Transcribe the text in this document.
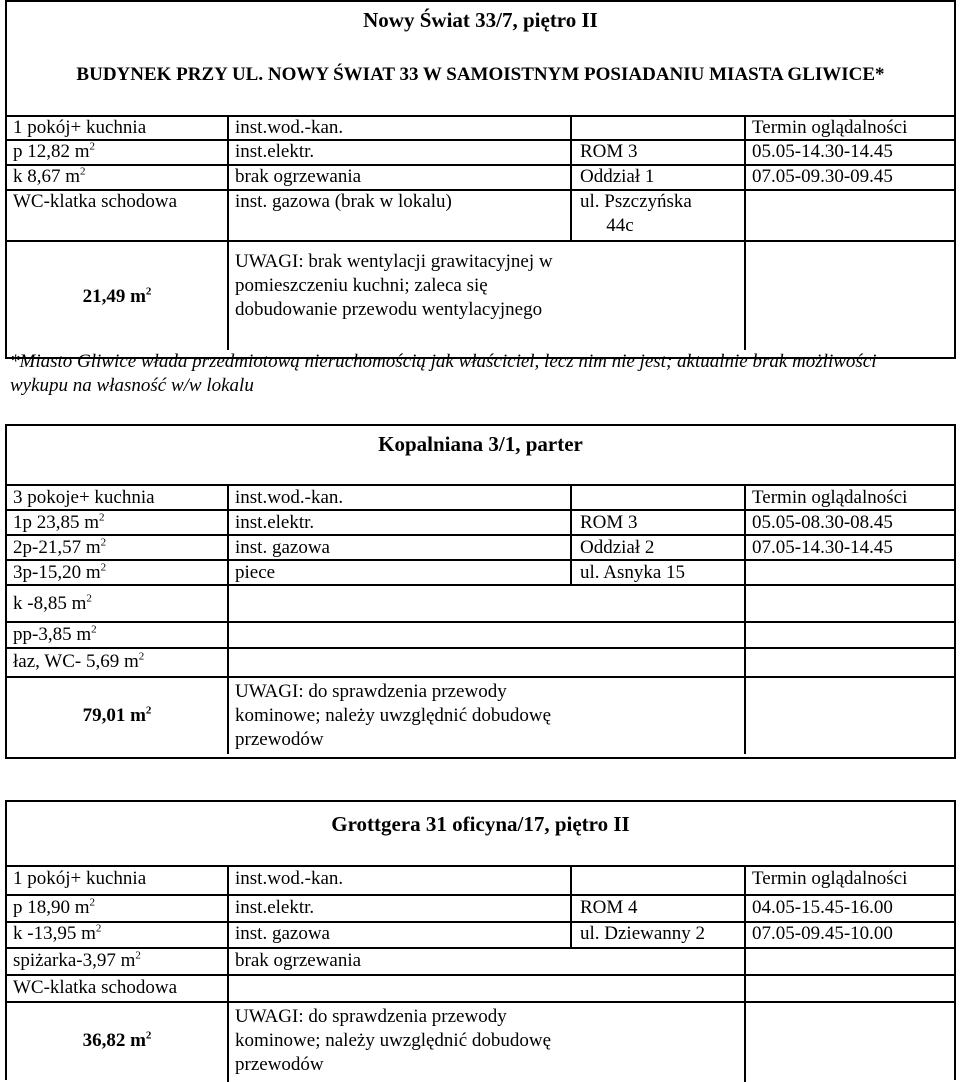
Nowy Świat 33/7, piętro II
BUDYNEK PRZY UL. NOWY ŚWIAT 33 W SAMOISTNYM POSIADANIU MIASTA GLIWICE*
1 pokój+ kuchnia
p 12,82 $m^2$
k 8,67 $m^2$
WC-klatka schodowa
inst.wod.-kan.
inst.elektr.
brak ogrzewania
inst. gazowa (brak w lokalu)
ROM 3
Oddział 1
ul. Pszczyńska
44c
Termin oglądalności
05.05-14.30-14.45
07.05-09.30-09.45
21,49 $m^2$
UWAGI: brak wentylacji grawitacyjnej w pomieszczeniu kuchni; zaleca się dobudowanie przewodu wentylacyjnego
*Miasto Gliwice włada przedmiotową nieruchomością jak właściciel, lecz nim nie jest; aktualnie brak możliwości wykupu na własność w/w lokalu
Kopalniana 3/1, parter
3 pokoje+ kuchnia
1p 23,85 $m^2$
2p-21,57 $m^2$
3p-15,20 $m^2$
k -8,85 $m^2$
pp-3,85 $m^2$
łaz, WC- 5,69 $m^2$
inst.wod.-kan.
inst.elektr.
inst. gazowa
piece
ROM 3
Oddział 2
ul. Asnyka 15
Termin oglądalności
05.05-08.30-08.45
07.05-14.30-14.45
79,01 $m^2$
UWAGI: do sprawdzenia przewody kominowe; należy uwzględnić dobudowę przewodów
Grottgera 31 oficyna/17, piętro II
1 pokój+ kuchnia
p 18,90 $m^2$
k -13,95 $m^2$
spiżarka-3,97 $m^2$
WC-klatka schodowa
inst.wod.-kan.
inst.elektr.
inst. gazowa
brak ogrzewania
ROM 4
ul. Dziewanny 2
Termin oglądalności
04.05-15.45-16.00
07.05-09.45-10.00
36,82 $m^2$
UWAGI: do sprawdzenia przewody kominowe; należy uwzględnić dobudowę przewodów
